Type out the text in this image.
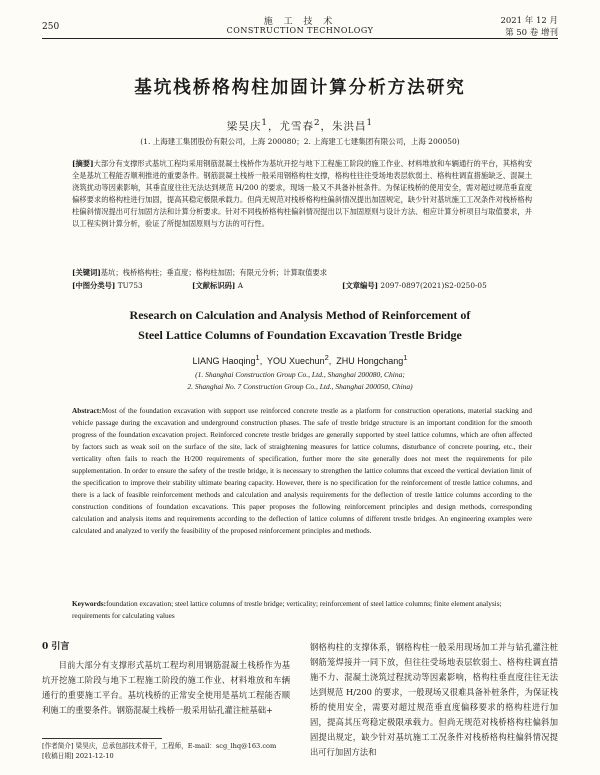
250	施 工 技 术
CONSTRUCTION TECHNOLOGY
2021 年 12 月
第 50 卷 增刊
基坑栈桥格构柱加固计算分析方法研究
梁昊庆$^1$，尤雪春$^2$，朱洪昌$^1$
(1. 上海建工集团股份有限公司，上海 200080；2. 上海建工七建集团有限公司，上海 200050)
[摘要]大部分有支撑形式基坑工程均采用钢筋混凝土栈桥作为基坑开挖与地下工程施工阶段的施工作业、材料堆放和车辆通行的平台，其格构安全是基坑工程能否顺利推进的重要条件。钢筋混凝土栈桥一般采用钢格构柱支撑，格构柱往往受场地表层软弱土、格构柱调直措施缺乏、混凝土浇筑扰动等因素影响，其垂直度往往无法达到规范 H/200 的要求，现场一般又不具备补桩条件。为保证栈桥的使用安全，需对超过规范垂直度偏移要求的格构柱进行加固，提高其稳定极限承载力。但尚无规范对栈桥格构柱偏斜情况提出加固规定，缺少针对基坑施工工况条件对栈桥格构柱偏斜情况提出可行加固方法和计算分析要求。针对不同栈桥格构柱偏斜情况提出以下加固原则与设计方法、相应计算分析项目与取值要求，并以工程实例计算分析，验证了所提加固原则与方法的可行性。
[关键词]基坑；栈桥格构柱；垂直度；格构柱加固；有限元分析；计算取值要求
[中图分类号] TU753	[文献标识码] A	[文章编号] 2097-0897(2021)S2-0250-05
Research on Calculation and Analysis Method of Reinforcement of
Steel Lattice Columns of Foundation Excavation Trestle Bridge
LIANG Haoqing$^1$,  YOU Xuechun$^2$,  ZHU Hongchang$^1$
(1. Shanghai Construction Group Co., Ltd., Shanghai 200080, China;
2. Shanghai No. 7 Construction Group Co., Ltd., Shanghai 200050, China)
Abstract:Most of the foundation excavation with support use reinforced concrete trestle as a platform for construction operations, material stacking and vehicle passage during the excavation and underground construction phases. The safe of trestle bridge structure is an important condition for the smooth progress of the foundation excavation project. Reinforced concrete trestle bridges are generally supported by steel lattice columns, which are often affected by factors such as weak soil on the surface of the site, lack of straightening measures for lattice columns, disturbance of concrete pouring, etc., their verticality often fails to reach the H/200 requirements of specification, further more the site generally does not meet the requirements for pile supplementation. In order to ensure the safety of the trestle bridge, it is necessary to strengthen the lattice columns that exceed the vertical deviation limit of the specification to improve their stability ultimate bearing capacity. However, there is no specification for the reinforcement of trestle lattice columns, and there is a lack of feasible reinforcement methods and calculation and analysis requirements for the deflection of trestle lattice columns according to the construction conditions of foundation excavations. This paper proposes the following reinforcement principles and design methods, corresponding calculation and analysis items and requirements according to the deflection of lattice columns of different trestle bridges. An engineering examples were calculated and analyzed to verify the feasibility of the proposed reinforcement principles and methods.
Keywords:foundation excavation; steel lattice columns of trestle bridge; verticality; reinforcement of steel lattice columns; finite element analysis; requirements for calculating values
0 引言

目前大部分有支撑形式基坑工程均利用钢筋混凝土栈桥作为基坑开挖施工阶段与地下工程施工阶段的施工作业、材料堆放和车辆通行的重要施工平台。基坑栈桥的正常安全使用是基坑工程能否顺利施工的重要条件。钢筋混凝土栈桥一般采用钻孔灌注桩基础+

钢格构柱的支撑体系，钢格构柱一般采用现场加工并与钻孔灌注桩钢筋笼焊接并一同下放，但往往受场地表层软弱土、格构柱调直措施不力、混凝土浇筑过程扰动等因素影响，格构柱垂直度往往无法达到规范 H/200 的要求，一般现场又很难具备补桩条件，为保证栈桥的使用安全，需要对超过规范垂直度偏移要求的格构柱进行加固，提高其压弯稳定极限承载力。但尚无规范对栈桥格构柱偏斜加固提出规定，缺少针对基坑施工工况条件对栈桥格构柱偏斜情况提出可行加固方法和

[作者简介] 梁昊庆，总承包部技术骨干，工程师，E-mail：scg_lhq@163.com
[收稿日期] 2021-12-10
